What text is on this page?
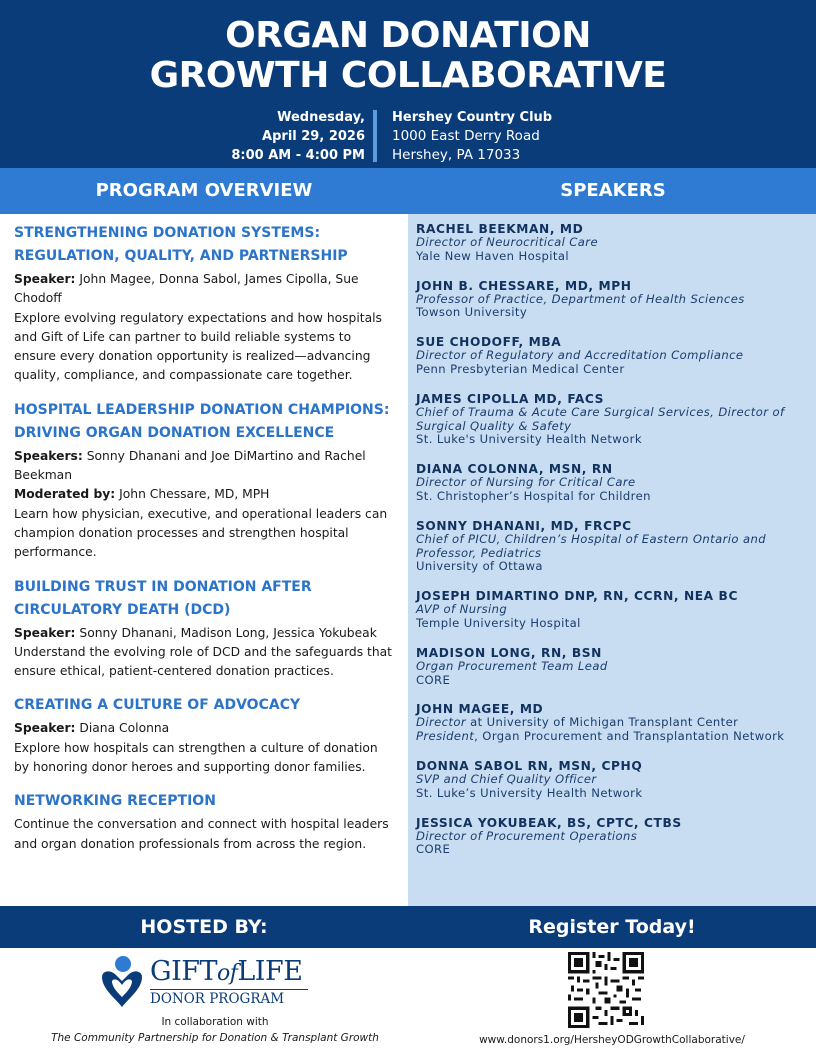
ORGAN DONATION
GROWTH COLLABORATIVE
Wednesday,
April 29, 2026
8:00 AM - 4:00 PM
Hershey Country Club
1000 East Derry Road
Hershey, PA 17033
PROGRAM OVERVIEW	SPEAKERS
STRENGTHENING DONATION SYSTEMS: REGULATION, QUALITY, AND PARTNERSHIP

Speaker: John Magee, Donna Sabol, James Cipolla, Sue Chodoff

Explore evolving regulatory expectations and how hospitals and Gift of Life can partner to build reliable systems to ensure every donation opportunity is realized—advancing quality, compliance, and compassionate care together.

HOSPITAL LEADERSHIP DONATION CHAMPIONS: DRIVING ORGAN DONATION EXCELLENCE

Speakers: Sonny Dhanani and Joe DiMartino and Rachel Beekman

Moderated by: John Chessare, MD, MPH

Learn how physician, executive, and operational leaders can champion donation processes and strengthen hospital performance.

BUILDING TRUST IN DONATION AFTER CIRCULATORY DEATH (DCD)

Speaker: Sonny Dhanani, Madison Long, Jessica Yokubeak

Understand the evolving role of DCD and the safeguards that ensure ethical, patient-centered donation practices.

CREATING A CULTURE OF ADVOCACY

Speaker: Diana Colonna

Explore how hospitals can strengthen a culture of donation by honoring donor heroes and supporting donor families.

NETWORKING RECEPTION

Continue the conversation and connect with hospital leaders and organ donation professionals from across the region.

RACHEL BEEKMAN, MD
Director of Neurocritical Care
Yale New Haven Hospital
JOHN B. CHESSARE, MD, MPH
Professor of Practice, Department of Health Sciences
Towson University
SUE CHODOFF, MBA
Director of Regulatory and Accreditation Compliance
Penn Presbyterian Medical Center
JAMES CIPOLLA MD, FACS
Chief of Trauma & Acute Care Surgical Services, Director of Surgical Quality & Safety
St. Luke's University Health Network
DIANA COLONNA, MSN, RN
Director of Nursing for Critical Care
St. Christopher’s Hospital for Children
SONNY DHANANI, MD, FRCPC
Chief of PICU, Children’s Hospital of Eastern Ontario and Professor, Pediatrics
University of Ottawa
JOSEPH DIMARTINO DNP, RN, CCRN, NEA BC
AVP of Nursing
Temple University Hospital
MADISON LONG, RN, BSN
Organ Procurement Team Lead
CORE
JOHN MAGEE, MD
Director at University of Michigan Transplant Center
President, Organ Procurement and Transplantation Network
DONNA SABOL RN, MSN, CPHQ
SVP and Chief Quality Officer
St. Luke’s University Health Network
JESSICA YOKUBEAK, BS, CPTC, CTBS
Director of Procurement Operations
CORE
HOSTED BY:	Register Today!
GIFTofLIFE
DONOR PROGRAM
In collaboration with
The Community Partnership for Donation & Transplant Growth	www.donors1.org/HersheyODGrowthCollaborative/
